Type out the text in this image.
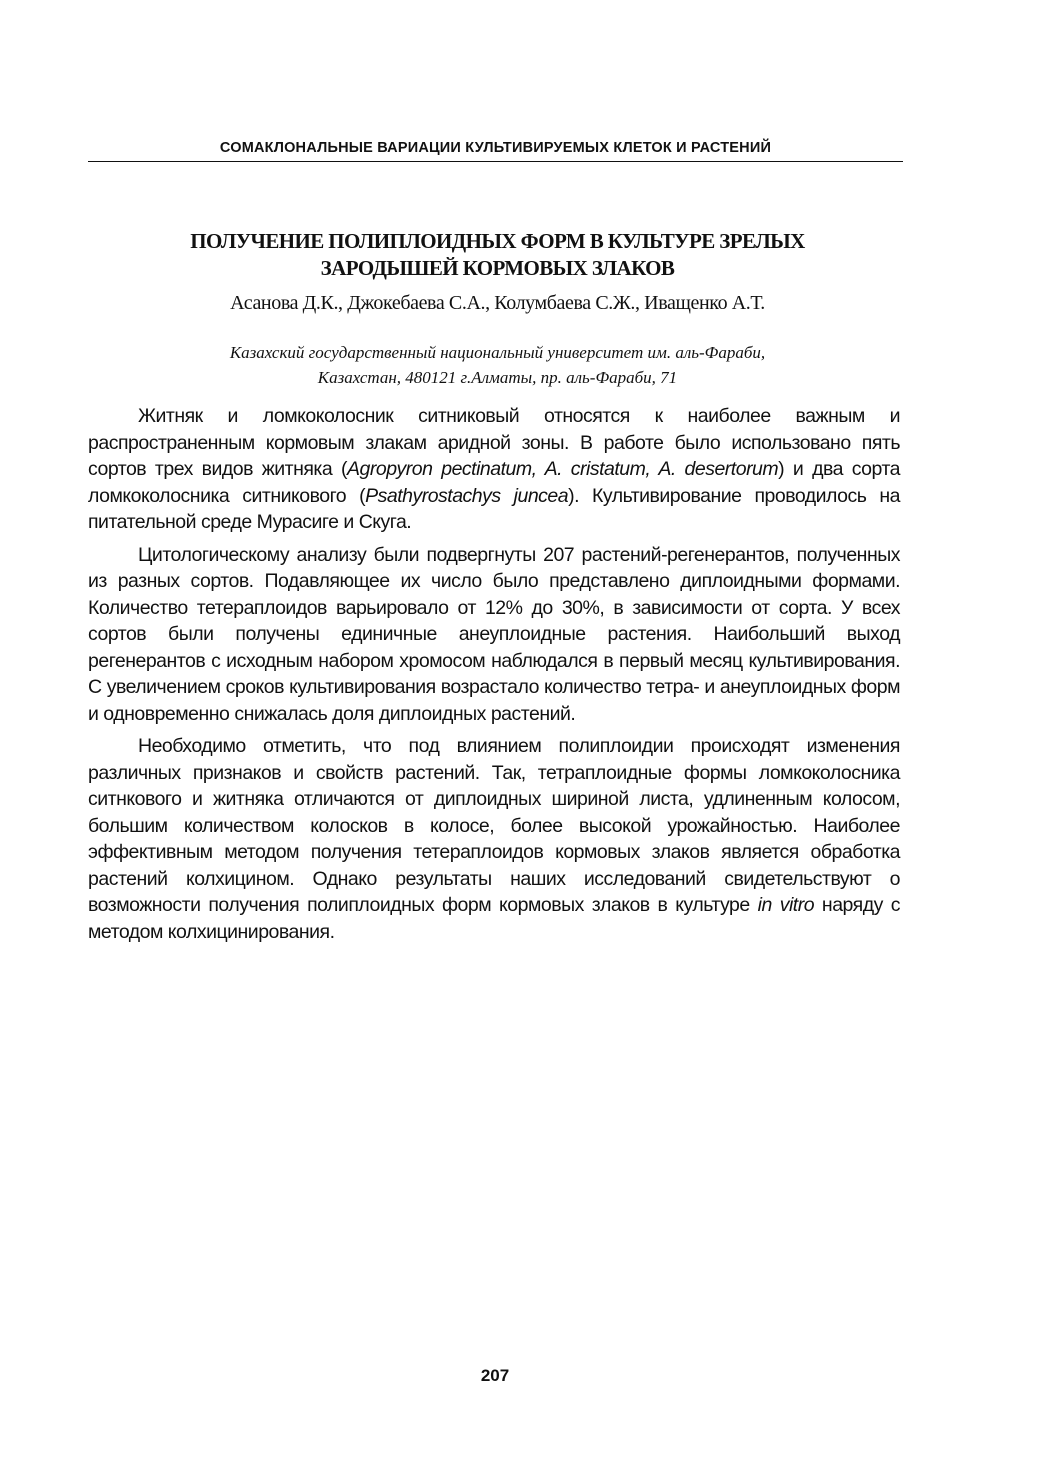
СОМАКЛОНАЛЬНЫЕ ВАРИАЦИИ КУЛЬТИВИРУЕМЫХ КЛЕТОК И РАСТЕНИЙ
ПОЛУЧЕНИЕ ПОЛИПЛОИДНЫХ ФОРМ В КУЛЬТУРЕ ЗРЕЛЫХ
ЗАРОДЫШЕЙ КОРМОВЫХ ЗЛАКОВ
Асанова Д.К., Джокебаева С.А., Колумбаева С.Ж., Иващенко А.Т.
Казахский государственный национальный университет им. аль-Фараби,
Казахстан, 480121 г.Алматы, пр. аль-Фараби, 71

Житняк и ломкоколосник ситниковый относятся к наиболее важным и распространенным кормовым злакам аридной зоны. В работе было использовано пять сортов трех видов житняка (Agropyron pectinatum, A. cristatum, A. desertorum) и два сорта ломкоколосника ситникового (Psathyrostachys juncea). Культивирование проводилось на питательной среде Мурасиге и Скуга.

Цитологическому анализу были подвергнуты 207 растений-регенерантов, полученных из разных сортов. Подавляющее их число было представлено диплоидными формами. Количество тетераплоидов варьировало от 12% до 30%, в зависимости от сорта. У всех сортов были получены единичные анеуплоидные растения. Наибольший выход регенерантов с исходным набором хромосом наблюдался в первый месяц культивирования. С увеличением сроков культивирования возрастало количество тетра- и анеуплоидных форм и одновременно снижалась доля диплоидных растений.

Необходимо отметить, что под влиянием полиплоидии происходят изменения различных признаков и свойств растений. Так, тетраплоидные формы ломкоколосника ситнкового и житняка отличаются от диплоидных шириной листа, удлиненным колосом, большим количеством колосков в колосе, более высокой урожайностью. Наиболее эффективным методом получения тетераплоидов кормовых злаков является обработка растений колхицином. Однако результаты наших исследований свидетельствуют о возможности получения полиплоидных форм кормовых злаков в культуре in vitro наряду с методом колхицинирования.

207
